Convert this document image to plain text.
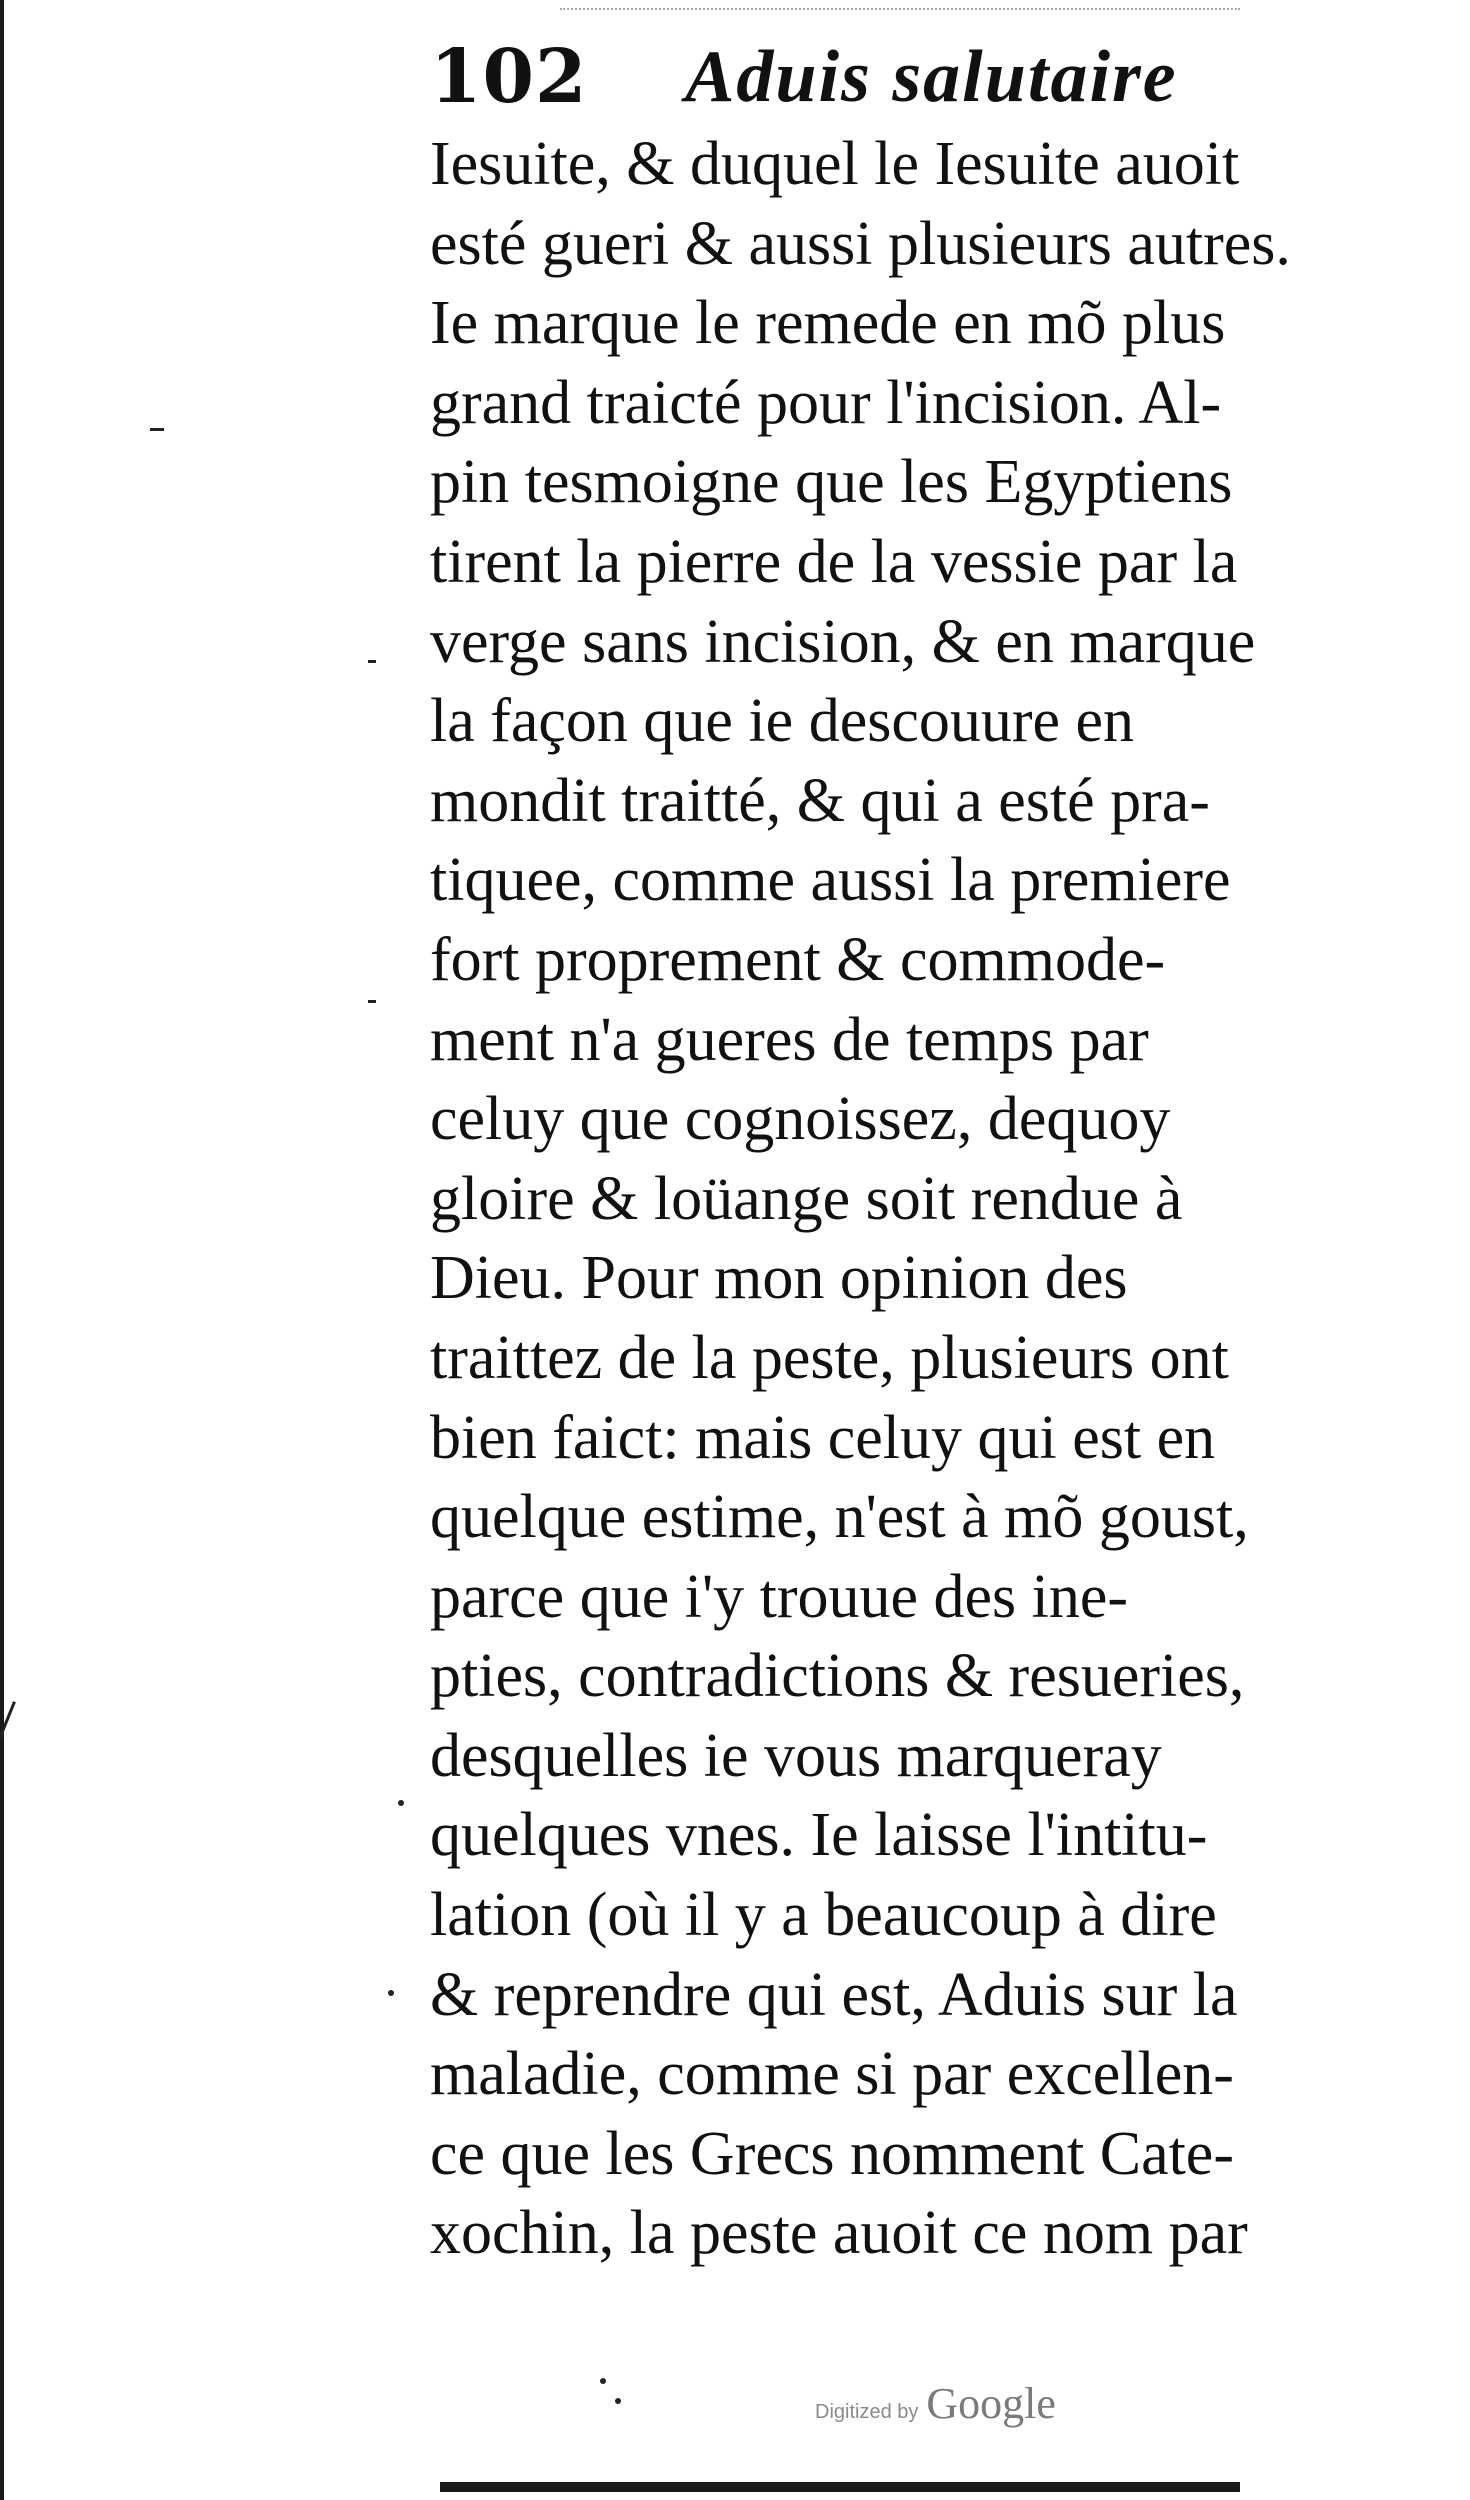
102 Aduis salutaire
Iesuite, & duquel le Iesuite auoit
esté gueri & aussi plusieurs autres.
Ie marque le remede en mõ plus
grand traicté pour l'incision. Al-
pin tesmoigne que les Egyptiens
tirent la pierre de la vessie par la
verge sans incision, & en marque
la façon que ie descouure en
mondit traitté, & qui a esté pra-
tiquee, comme aussi la premiere
fort proprement & commode-
ment n'a gueres de temps par
celuy que cognoissez, dequoy
gloire & loüange soit rendue à
Dieu. Pour mon opinion des
traittez de la peste, plusieurs ont
bien faict: mais celuy qui est en
quelque estime, n'est à mõ goust,
parce que i'y trouue des ine-
pties, contradictions & resueries,
desquelles ie vous marqueray
quelques vnes. Ie laisse l'intitu-
lation (où il y a beaucoup à dire
& reprendre qui est, Aduis sur la
maladie, comme si par excellen-
ce que les Grecs nomment Cate-
xochin, la peste auoit ce nom par
Digitized by Google
